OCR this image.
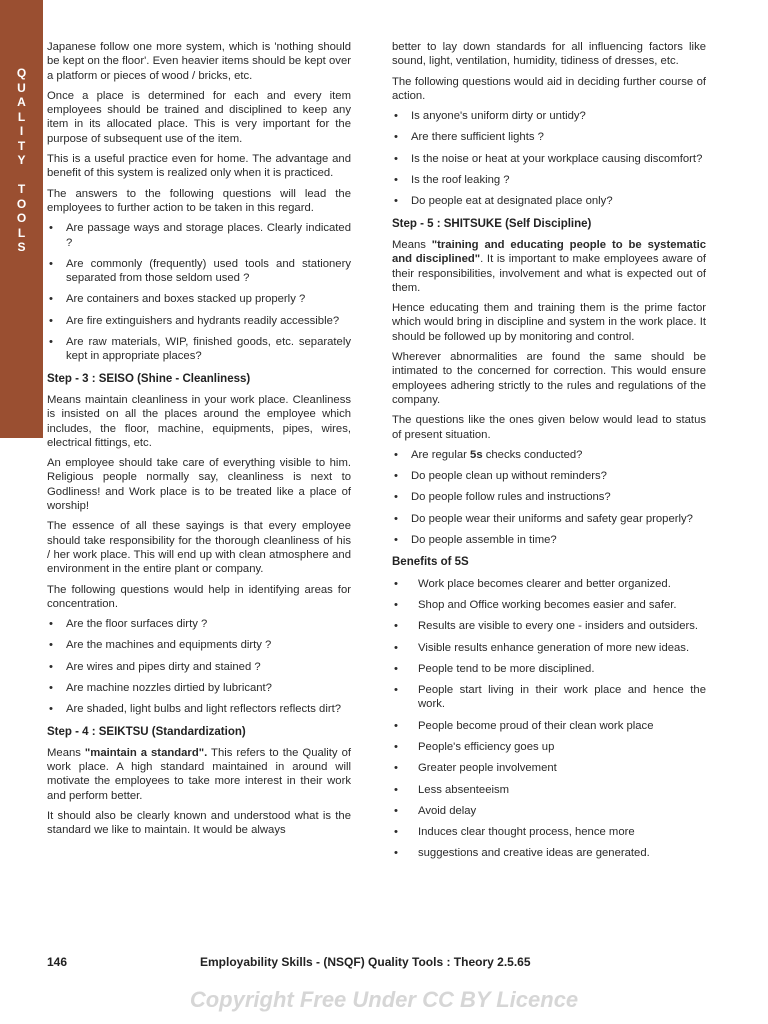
Q
U
A
L
I
T
Y

T
O
O
L
S

Japanese follow one more system, which is 'nothing should be kept on the floor'. Even heavier items should be kept over a platform or pieces of wood / bricks, etc.

Once a place is determined for each and every item employees should be trained and disciplined to keep any item in its allocated place. This is very important for the purpose of subsequent use of the item.

This is a useful practice even for home. The advantage and benefit of this system is realized only when it is practiced.

The answers to the following questions will lead the employees to further action to be taken in this regard.

• Are passage ways and storage places. Clearly indicated ?
• Are commonly (frequently) used tools and stationery separated from those seldom used ?
• Are containers and boxes stacked up properly ?
• Are fire extinguishers and hydrants readily accessible?
• Are raw materials, WIP, finished goods, etc. separately kept in appropriate places?
Step - 3 : SEISO (Shine - Cleanliness)

Means maintain cleanliness in your work place. Cleanliness is insisted on all the places around the employee which includes, the floor, machine, equipments, pipes, wires, electrical fittings, etc.

An employee should take care of everything visible to him. Religious people normally say, cleanliness is next to Godliness! and Work place is to be treated like a place of worship!

The essence of all these sayings is that every employee should take responsibility for the thorough cleanliness of his / her work place. This will end up with clean atmosphere and environment in the entire plant or company.

The following questions would help in identifying areas for concentration.

• Are the floor surfaces dirty ?
• Are the machines and equipments dirty ?
• Are wires and pipes dirty and stained ?
• Are machine nozzles dirtied by lubricant?
• Are shaded, light bulbs and light reflectors reflects dirt?
Step - 4 : SEIKTSU (Standardization)

Means "maintain a standard". This refers to the Quality of work place. A high standard maintained in around will motivate the employees to take more interest in their work and perform better.

It should also be clearly known and understood what is the standard we like to maintain. It would be always

better to lay down standards for all influencing factors like sound, light, ventilation, humidity, tidiness of dresses, etc.

The following questions would aid in deciding further course of action.

• Is anyone's uniform dirty or untidy?
• Are there sufficient lights ?
• Is the noise or heat at your workplace causing discomfort?
• Is the roof leaking ?
• Do people eat at designated place only?
Step - 5 : SHITSUKE (Self Discipline)

Means "training and educating people to be systematic and disciplined". It is important to make employees aware of their responsibilities, involvement and what is expected out of them.

Hence educating them and training them is the prime factor which would bring in discipline and system in the work place. It should be followed up by monitoring and control.

Wherever abnormalities are found the same should be intimated to the concerned for correction. This would ensure employees adhering strictly to the rules and regulations of the company.

The questions like the ones given below would lead to status of present situation.

• Are regular 5s checks conducted?
• Do people clean up without reminders?
• Do people follow rules and instructions?
• Do people wear their uniforms and safety gear properly?
• Do people assemble in time?
Benefits of 5S
• Work place becomes clearer and better organized.
• Shop and Office working becomes easier and safer.
• Results are visible to every one - insiders and outsiders.
• Visible results enhance generation of more new ideas.
• People tend to be more disciplined.
• People start living in their work place and hence the work.
• People become proud of their clean work place
• People's efficiency goes up
• Greater people involvement
• Less absenteeism
• Avoid delay
• Induces clear thought process, hence more
• suggestions and creative ideas are generated.
146	Employability Skills - (NSQF) Quality Tools : Theory 2.5.65
Copyright Free Under CC BY Licence
